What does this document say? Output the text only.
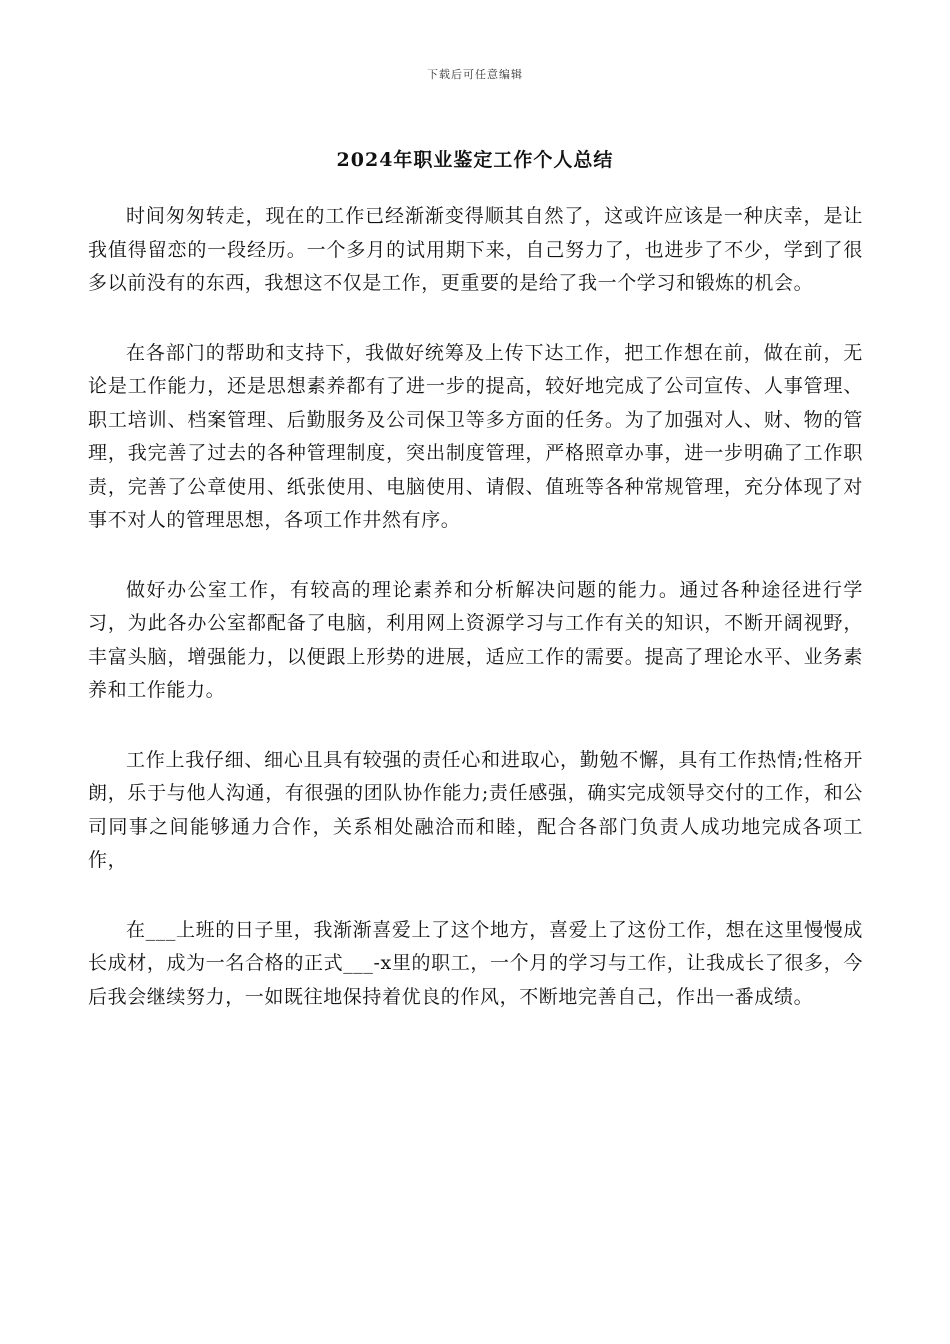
下载后可任意编辑
2024年职业鉴定工作个人总结

时间匆匆转走，现在的工作已经渐渐变得顺其自然了，这或许应该是一种庆幸，是让我值得留恋的一段经历。一个多月的试用期下来，自己努力了，也进步了不少，学到了很多以前没有的东西，我想这不仅是工作，更重要的是给了我一个学习和锻炼的机会。

在各部门的帮助和支持下，我做好统筹及上传下达工作，把工作想在前，做在前，无论是工作能力，还是思想素养都有了进一步的提高，较好地完成了公司宣传、人事管理、职工培训、档案管理、后勤服务及公司保卫等多方面的任务。为了加强对人、财、物的管理，我完善了过去的各种管理制度，突出制度管理，严格照章办事，进一步明确了工作职责，完善了公章使用、纸张使用、电脑使用、请假、值班等各种常规管理，充分体现了对事不对人的管理思想，各项工作井然有序。

做好办公室工作，有较高的理论素养和分析解决问题的能力。通过各种途径进行学习，为此各办公室都配备了电脑，利用网上资源学习与工作有关的知识，不断开阔视野，丰富头脑，增强能力，以便跟上形势的进展，适应工作的需要。提高了理论水平、业务素养和工作能力。

工作上我仔细、细心且具有较强的责任心和进取心，勤勉不懈，具有工作热情;性格开朗，乐于与他人沟通，有很强的团队协作能力;责任感强，确实完成领导交付的工作，和公司同事之间能够通力合作，关系相处融洽而和睦，配合各部门负责人成功地完成各项工作，

在___上班的日子里，我渐渐喜爱上了这个地方，喜爱上了这份工作，想在这里慢慢成长成材，成为一名合格的正式___-x里的职工，一个月的学习与工作，让我成长了很多，今后我会继续努力，一如既往地保持着优良的作风，不断地完善自己，作出一番成绩。
